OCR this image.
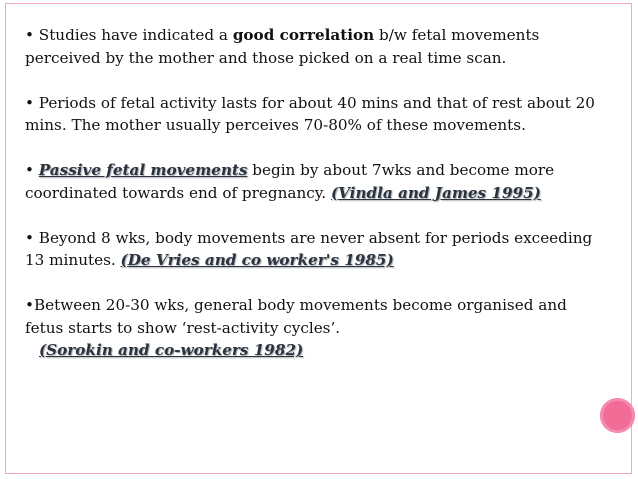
• Studies have indicated a good correlation b/w fetal movements perceived by the mother and those picked on a real time scan.

• Periods of fetal activity lasts for about 40 mins and that of rest about 20 mins. The mother usually perceives 70-80% of these movements.

• Passive fetal movements begin by about 7wks and become more coordinated towards end of pregnancy. (Vindla and James 1995)

• Beyond 8 wks, body movements are never absent for periods exceeding 13 minutes. (De Vries and co worker's 1985)

•Between 20-30 wks, general body movements become organised and fetus starts to show ‘rest-activity cycles’.
(Sorokin and co-workers 1982)
